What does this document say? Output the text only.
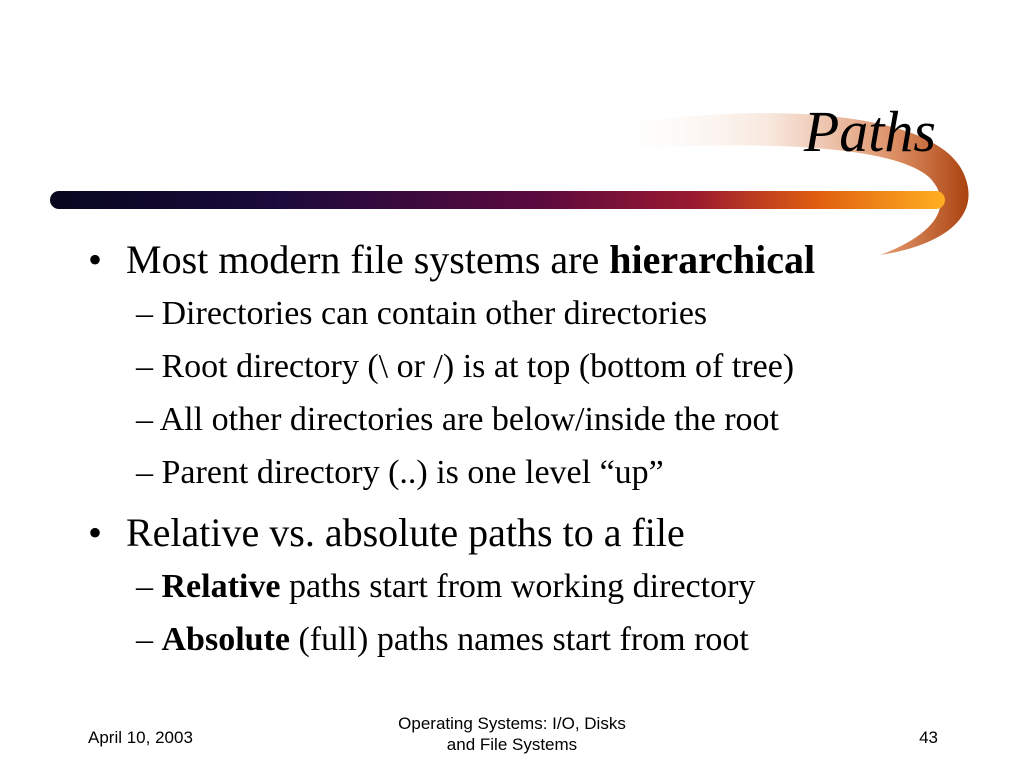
Paths
• Most modern file systems are hierarchical
– Directories can contain other directories
– Root directory (\ or /) is at top (bottom of tree)
– All other directories are below/inside the root
– Parent directory (..) is one level “up”
• Relative vs. absolute paths to a file
– Relative paths start from working directory
– Absolute (full) paths names start from root
April 10, 2003
Operating Systems: I/O, Disks
and File Systems	43
